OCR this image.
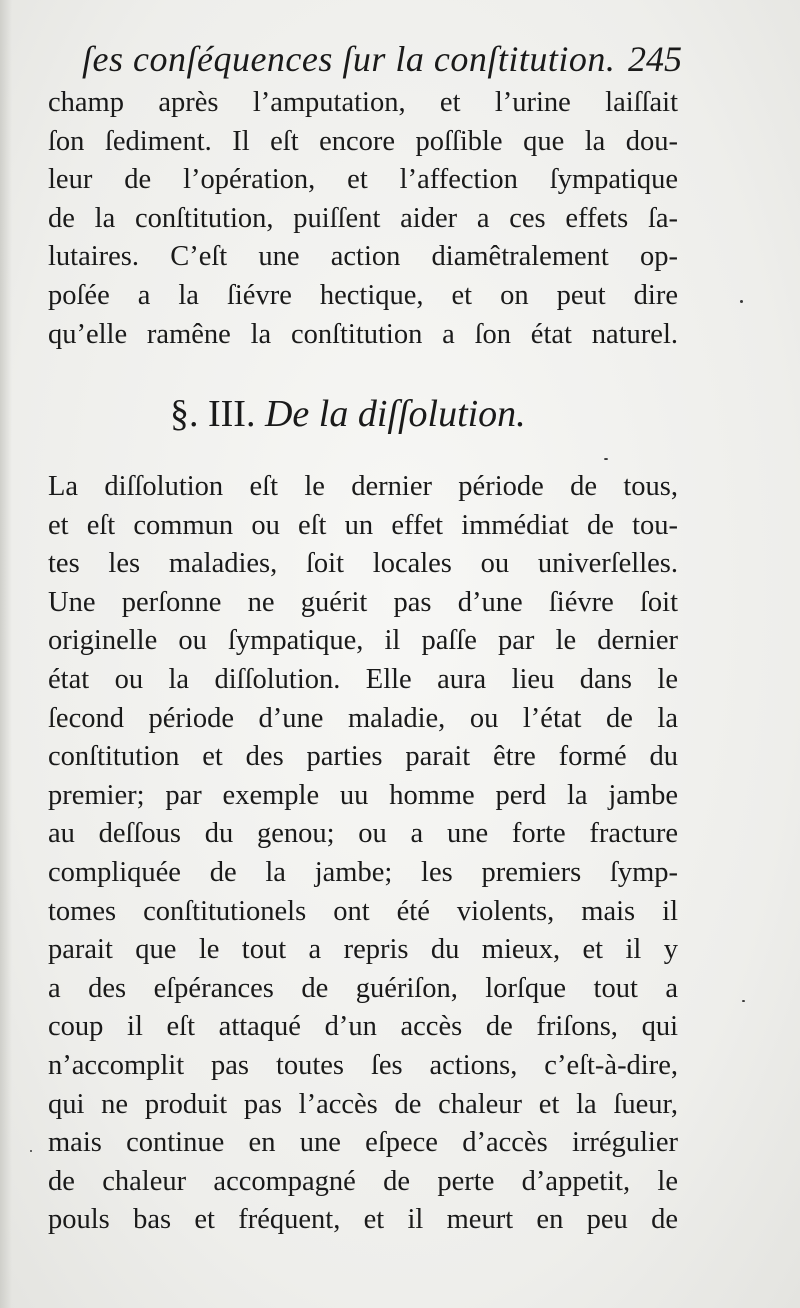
ſes conſéquences ſur la conſtitution. 245
champ après l’amputation, et l’urine laiſſait
ſon ſediment. Il eſt encore poſſible que la dou-
leur de l’opération, et l’affection ſympatique
de la conſtitution, puiſſent aider a ces effets ſa-
lutaires. C’eſt une action diamêtralement op-
poſée a la ſiévre hectique, et on peut dire
qu’elle ramêne la conſtitution a ſon état naturel.
§. III. De la diſſolution.
La diſſolution eſt le dernier période de tous,
et eſt commun ou eſt un effet immédiat de tou-
tes les maladies, ſoit locales ou univerſelles.
Une perſonne ne guérit pas d’une ſiévre ſoit
originelle ou ſympatique, il paſſe par le dernier
état ou la diſſolution. Elle aura lieu dans le
ſecond période d’une maladie, ou l’état de la
conſtitution et des parties parait être formé du
premier; par exemple uu homme perd la jambe
au deſſous du genou; ou a une forte fracture
compliquée de la jambe; les premiers ſymp-
tomes conſtitutionels ont été violents, mais il
parait que le tout a repris du mieux, et il y
a des eſpérances de guériſon, lorſque tout a
coup il eſt attaqué d’un accès de friſons, qui
n’accomplit pas toutes ſes actions, c’eſt-à-dire,
qui ne produit pas l’accès de chaleur et la ſueur,
mais continue en une eſpece d’accès irrégulier
de chaleur accompagné de perte d’appetit, le
pouls bas et fréquent, et il meurt en peu de
